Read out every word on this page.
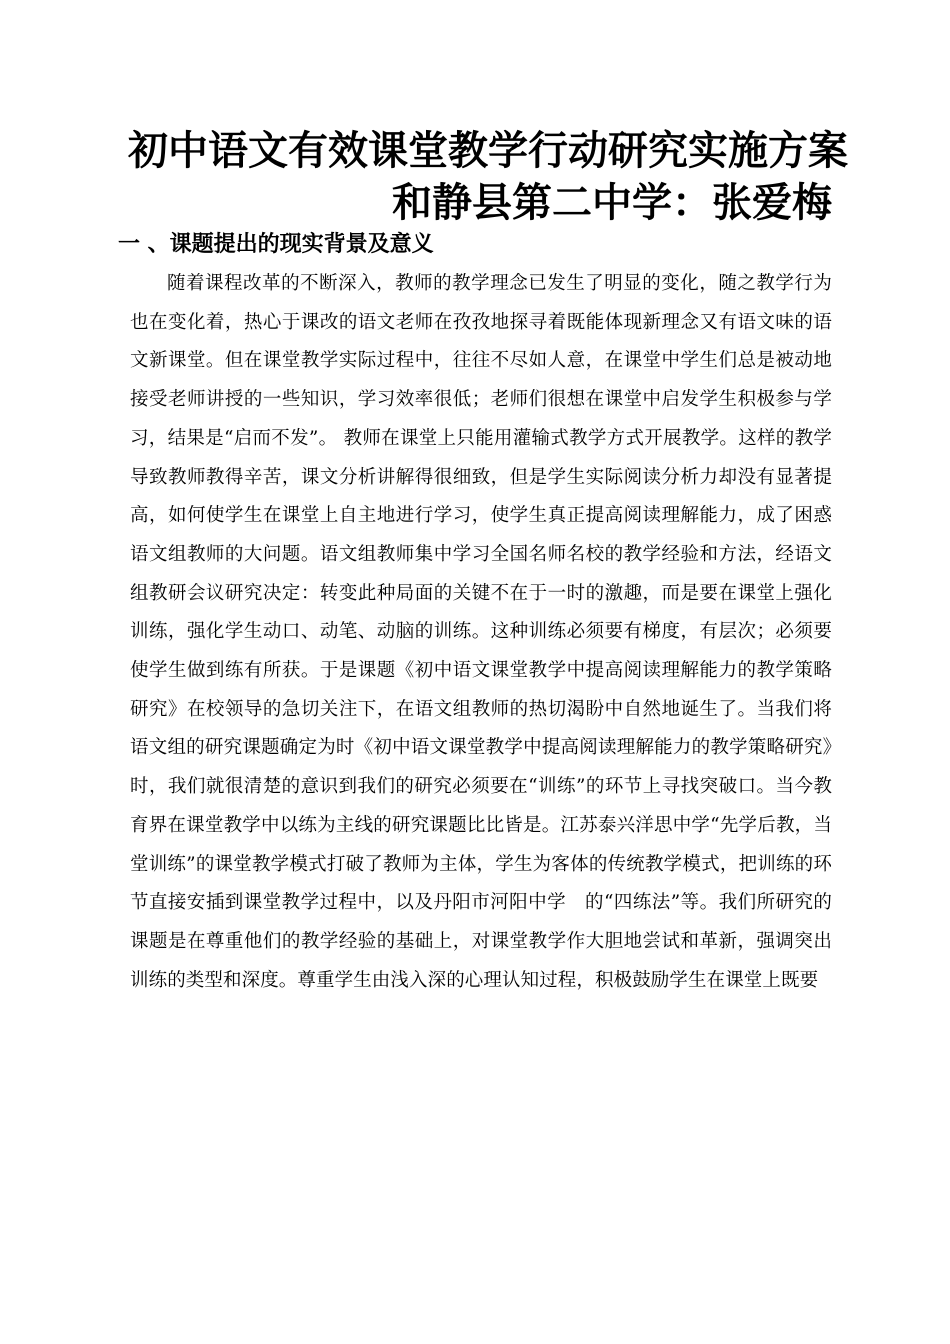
初中语文有效课堂教学行动研究实施方案
和静县第二中学：张爱梅
一 、课题提出的现实背景及意义

随着课程改革的不断深入，教师的教学理念已发生了明显的变化，随之教学行为也在变化着，热心于课改的语文老师在孜孜地探寻着既能体现新理念又有语文味的语文新课堂。但在课堂教学实际过程中，往往不尽如人意，在课堂中学生们总是被动地接受老师讲授的一些知识，学习效率很低；老师们很想在课堂中启发学生积极参与学习，结果是“启而不发”。 教师在课堂上只能用灌输式教学方式开展教学。这样的教学导致教师教得辛苦，课文分析讲解得很细致，但是学生实际阅读分析力却没有显著提高，如何使学生在课堂上自主地进行学习，使学生真正提高阅读理解能力，成了困惑语文组教师的大问题。语文组教师集中学习全国名师名校的教学经验和方法，经语文组教研会议研究决定：转变此种局面的关键不在于一时的激趣，而是要在课堂上强化训练，强化学生动口、动笔、动脑的训练。这种训练必须要有梯度，有层次；必须要使学生做到练有所获。于是课题《初中语文课堂教学中提高阅读理解能力的教学策略研究》在校领导的急切关注下，在语文组教师的热切渴盼中自然地诞生了。当我们将语文组的研究课题确定为时《初中语文课堂教学中提高阅读理解能力的教学策略研究》时，我们就很清楚的意识到我们的研究必须要在“训练”的环节上寻找突破口。当今教育界在课堂教学中以练为主线的研究课题比比皆是。江苏泰兴洋思中学“先学后教，当堂训练”的课堂教学模式打破了教师为主体，学生为客体的传统教学模式，把训练的环节直接安插到课堂教学过程中，以及丹阳市河阳中学　的“四练法”等。我们所研究的课题是在尊重他们的教学经验的基础上，对课堂教学作大胆地尝试和革新，强调突出训练的类型和深度。尊重学生由浅入深的心理认知过程，积极鼓励学生在课堂上既要
